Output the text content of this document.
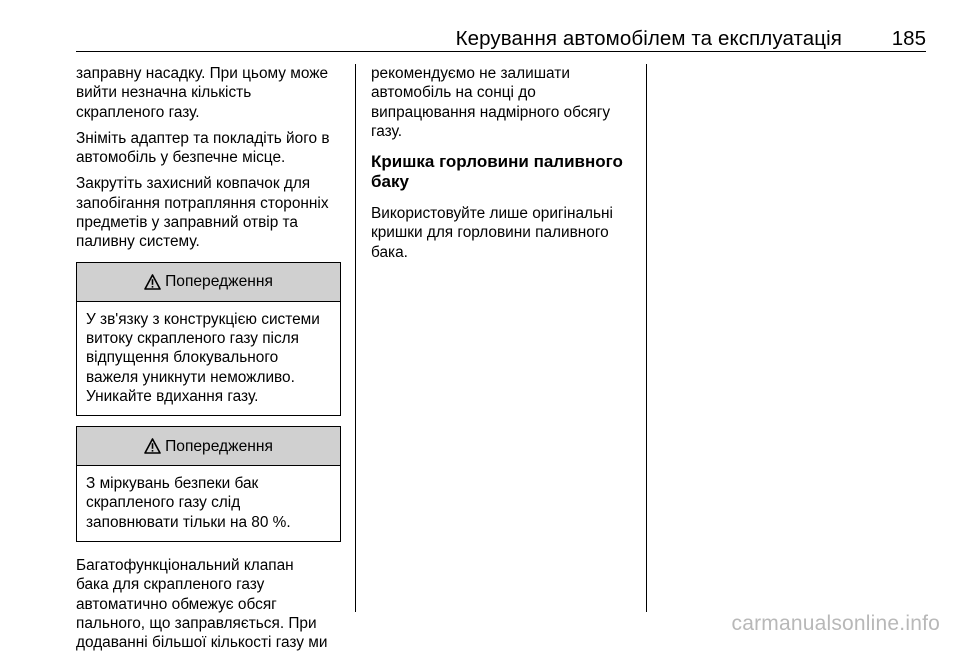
Керування автомобілем та експлуатація 185

заправну насадку. При цьому може
вийти незначна кількість
скрапленого газу.

Зніміть адаптер та покладіть його в
автомобіль у безпечне місце.

Закрутіть захисний ковпачок для
запобігання потрапляння сторонніх
предметів у заправний отвір та
паливну систему.

Попередження
У зв'язку з конструкцією системи
витоку скрапленого газу після
відпущення блокувального
важеля уникнути неможливо.
Уникайте вдихання газу.
Попередження
З міркувань безпеки бак
скрапленого газу слід
заповнювати тільки на 80 %.

Багатофункціональний клапан
бака для скрапленого газу
автоматично обмежує обсяг
пального, що заправляється. При
додаванні більшої кількості газу ми

рекомендуємо не залишати
автомобіль на сонці до
випрацювання надмірного обсягу
газу.

Кришка горловини паливного
баку

Використовуйте лише оригінальні
кришки для горловини паливного
бака.

carmanualsonline.info
